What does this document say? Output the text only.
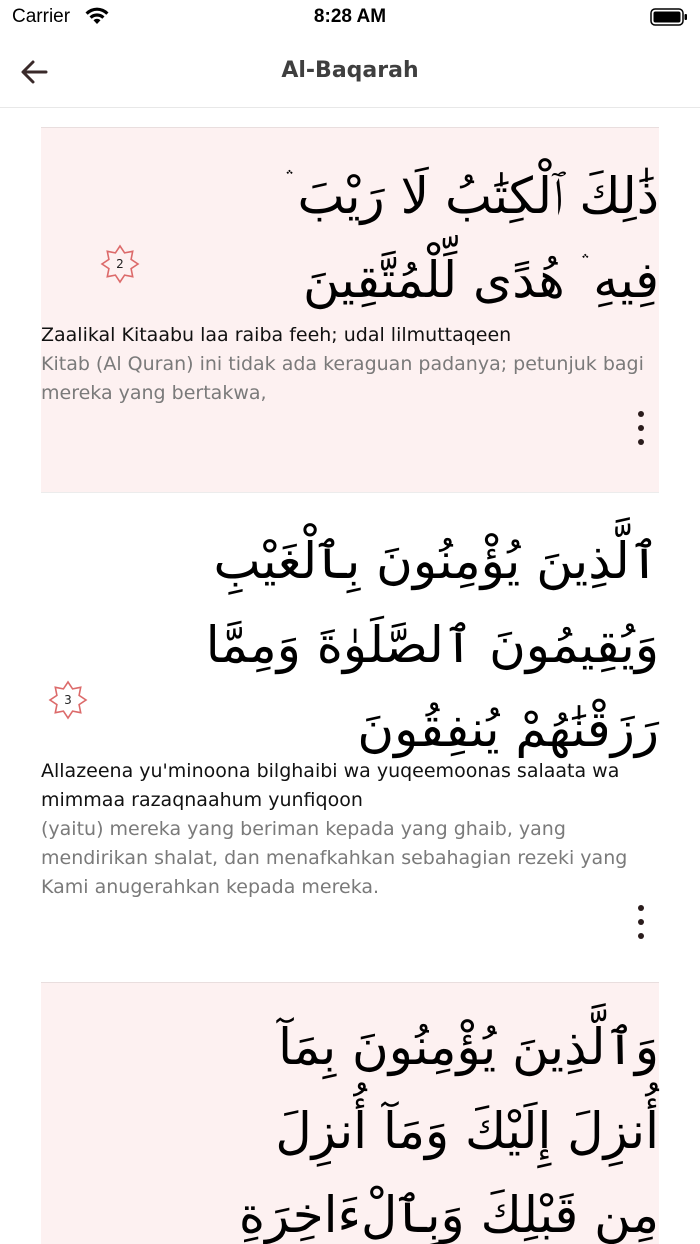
Carrier	8:28 AM
Al-Baqarah
ذَٰلِكَ ٱلْكِتَٰبُ لَا رَيْبَ ۛ
فِيهِ ۛ هُدًى لِّلْمُتَّقِينَ
2
Zaalikal Kitaabu laa raiba feeh; udal lilmuttaqeen
Kitab (Al Quran) ini tidak ada keraguan padanya; petunjuk bagi mereka yang bertakwa,
ٱلَّذِينَ يُؤْمِنُونَ بِٱلْغَيْبِ
وَيُقِيمُونَ ٱلصَّلَوٰةَ وَمِمَّا
رَزَقْنَٰهُمْ يُنفِقُونَ
3
Allazeena yu'minoona bilghaibi wa yuqeemoonas salaata wa mimmaa razaqnaahum yunfiqoon
(yaitu) mereka yang beriman kepada yang ghaib, yang mendirikan shalat, dan menafkahkan sebahagian rezeki yang Kami anugerahkan kepada mereka.
وَٱلَّذِينَ يُؤْمِنُونَ بِمَآ
أُنزِلَ إِلَيْكَ وَمَآ أُنزِلَ
مِن قَبْلِكَ وَبِٱلْءَاخِرَةِ
